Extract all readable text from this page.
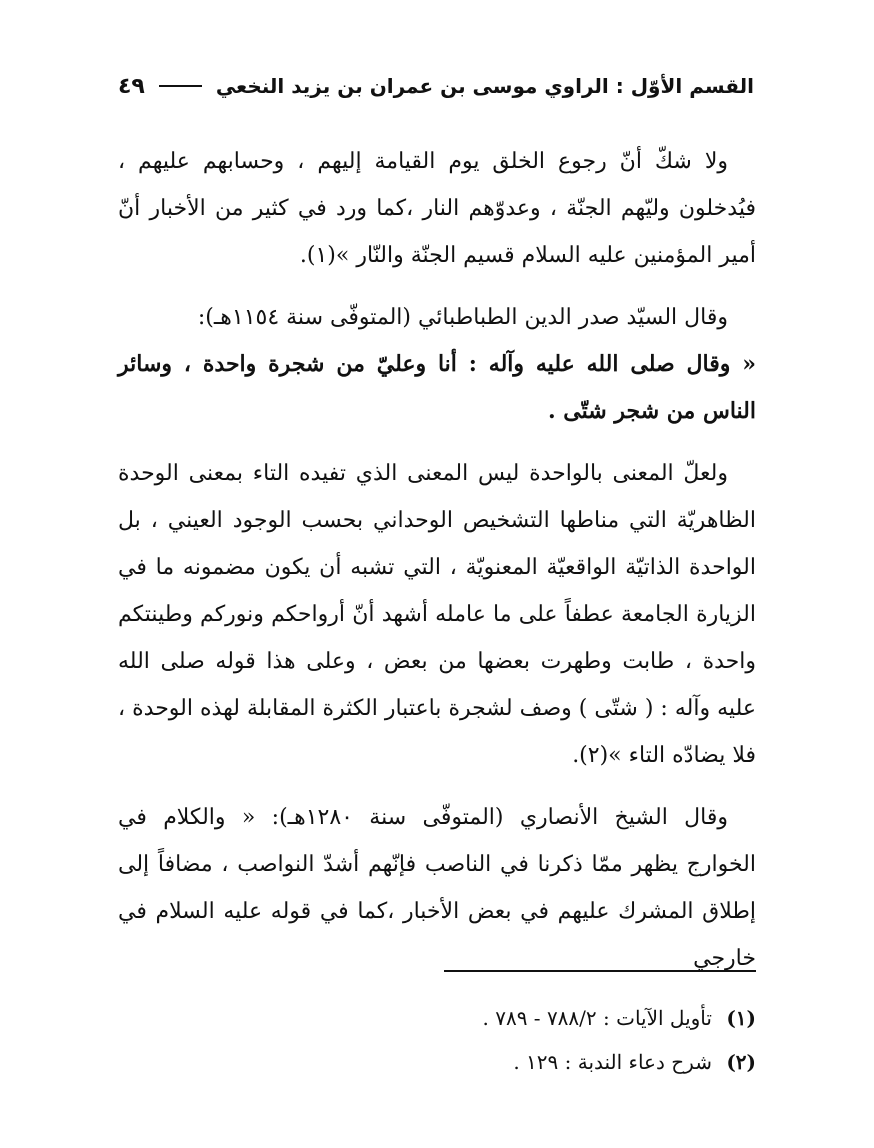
القسم الأوّل : الراوي موسى بن عمران بن يزيد النخعي
٤٩

ولا شكّ أنّ رجوع الخلق يوم القيامة إليهم ، وحسابهم عليهم ، فيُدخلون وليّهم الجنّة ، وعدوّهم النار ،كما ورد في كثير من الأخبار أنّ أمير المؤمنين عليه السلام قسيم الجنّة والنّار »(١).

وقال السيّد صدر الدين الطباطبائي (المتوفّى سنة ١١٥٤هـ):
« وقال صلى الله عليه وآله : أنا وعليّ من شجرة واحدة ، وسائر الناس من شجر شتّى .

ولعلّ المعنى بالواحدة ليس المعنى الذي تفيده التاء بمعنى الوحدة الظاهريّة التي مناطها التشخيص الوحداني بحسب الوجود العيني ، بل الواحدة الذاتيّة الواقعيّة المعنويّة ، التي تشبه أن يكون مضمونه ما في الزيارة الجامعة عطفاً على ما عامله أشهد أنّ أرواحكم ونوركم وطينتكم واحدة ، طابت وطهرت بعضها من بعض ، وعلى هذا قوله صلى الله عليه وآله : ( شتّى ) وصف لشجرة باعتبار الكثرة المقابلة لهذه الوحدة ، فلا يضادّه التاء »(٢).

وقال الشيخ الأنصاري (المتوفّى سنة ١٢٨٠هـ): « والكلام في الخوارج يظهر ممّا ذكرنا في الناصب فإنّهم أشدّ النواصب ، مضافاً إلى إطلاق المشرك عليهم في بعض الأخبار ،كما في قوله عليه السلام في خارجي

(١) تأويل الآيات : ٧٨٨/٢ - ٧٨٩ .
(٢) شرح دعاء الندبة : ١٢٩ .
